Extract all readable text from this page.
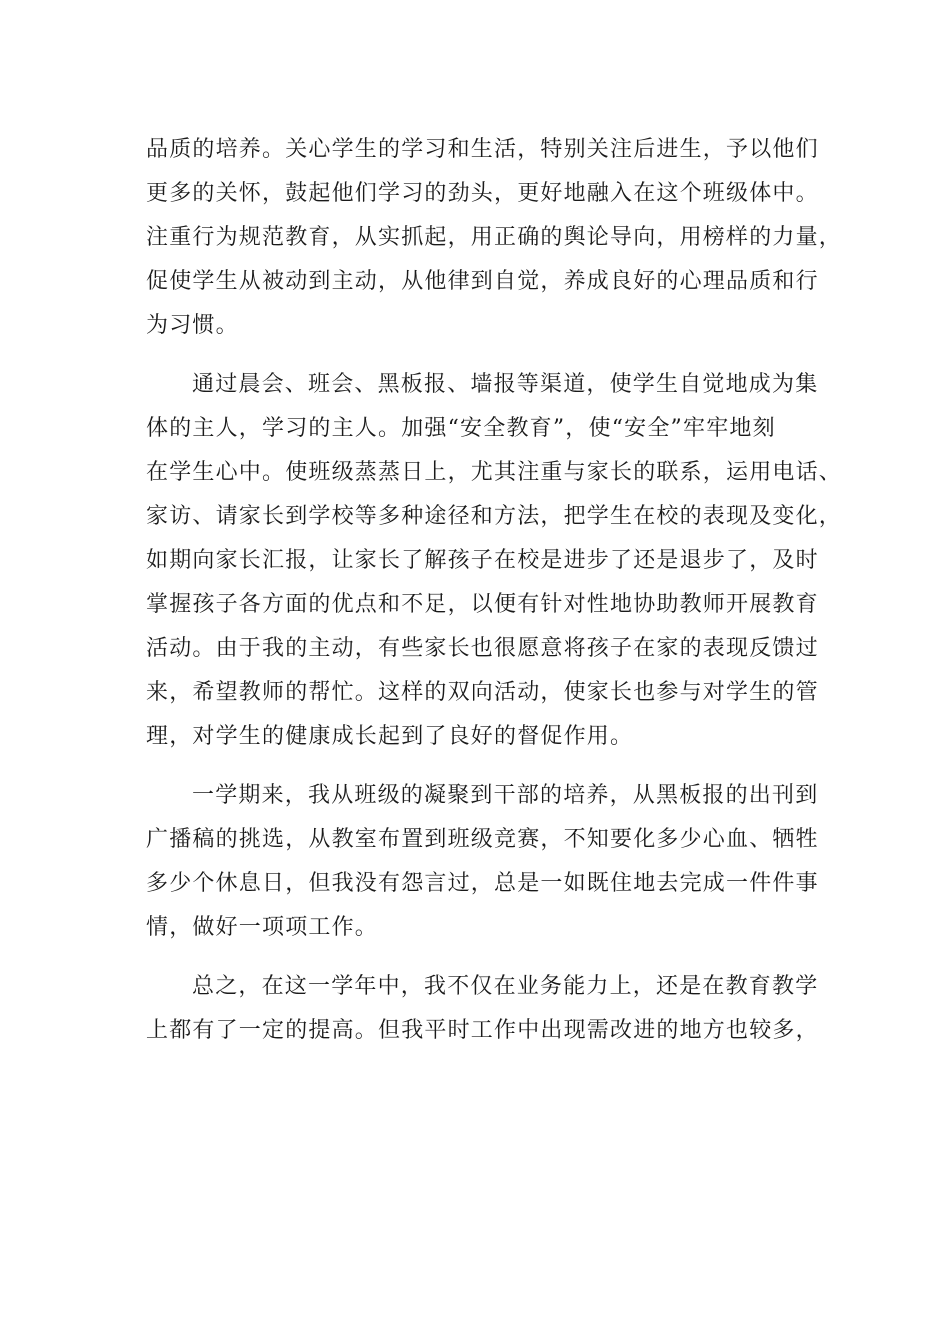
品质的培养。关心学生的学习和生活，特别关注后进生，予以他们
更多的关怀，鼓起他们学习的劲头，更好地融入在这个班级体中。
注重行为规范教育，从实抓起，用正确的舆论导向，用榜样的力量，
促使学生从被动到主动，从他律到自觉，养成良好的心理品质和行
为习惯。
通过晨会、班会、黑板报、墙报等渠道，使学生自觉地成为集
体的主人，学习的主人。加强“安全教育”，使“安全”牢牢地刻
在学生心中。使班级蒸蒸日上，尤其注重与家长的联系，运用电话、
家访、请家长到学校等多种途径和方法，把学生在校的表现及变化，
如期向家长汇报，让家长了解孩子在校是进步了还是退步了，及时
掌握孩子各方面的优点和不足，以便有针对性地协助教师开展教育
活动。由于我的主动，有些家长也很愿意将孩子在家的表现反馈过
来，希望教师的帮忙。这样的双向活动，使家长也参与对学生的管
理，对学生的健康成长起到了良好的督促作用。
一学期来，我从班级的凝聚到干部的培养，从黑板报的出刊到
广播稿的挑选，从教室布置到班级竞赛，不知要化多少心血、牺牲
多少个休息日，但我没有怨言过，总是一如既住地去完成一件件事
情，做好一项项工作。
总之，在这一学年中，我不仅在业务能力上，还是在教育教学
上都有了一定的提高。但我平时工作中出现需改进的地方也较多，
